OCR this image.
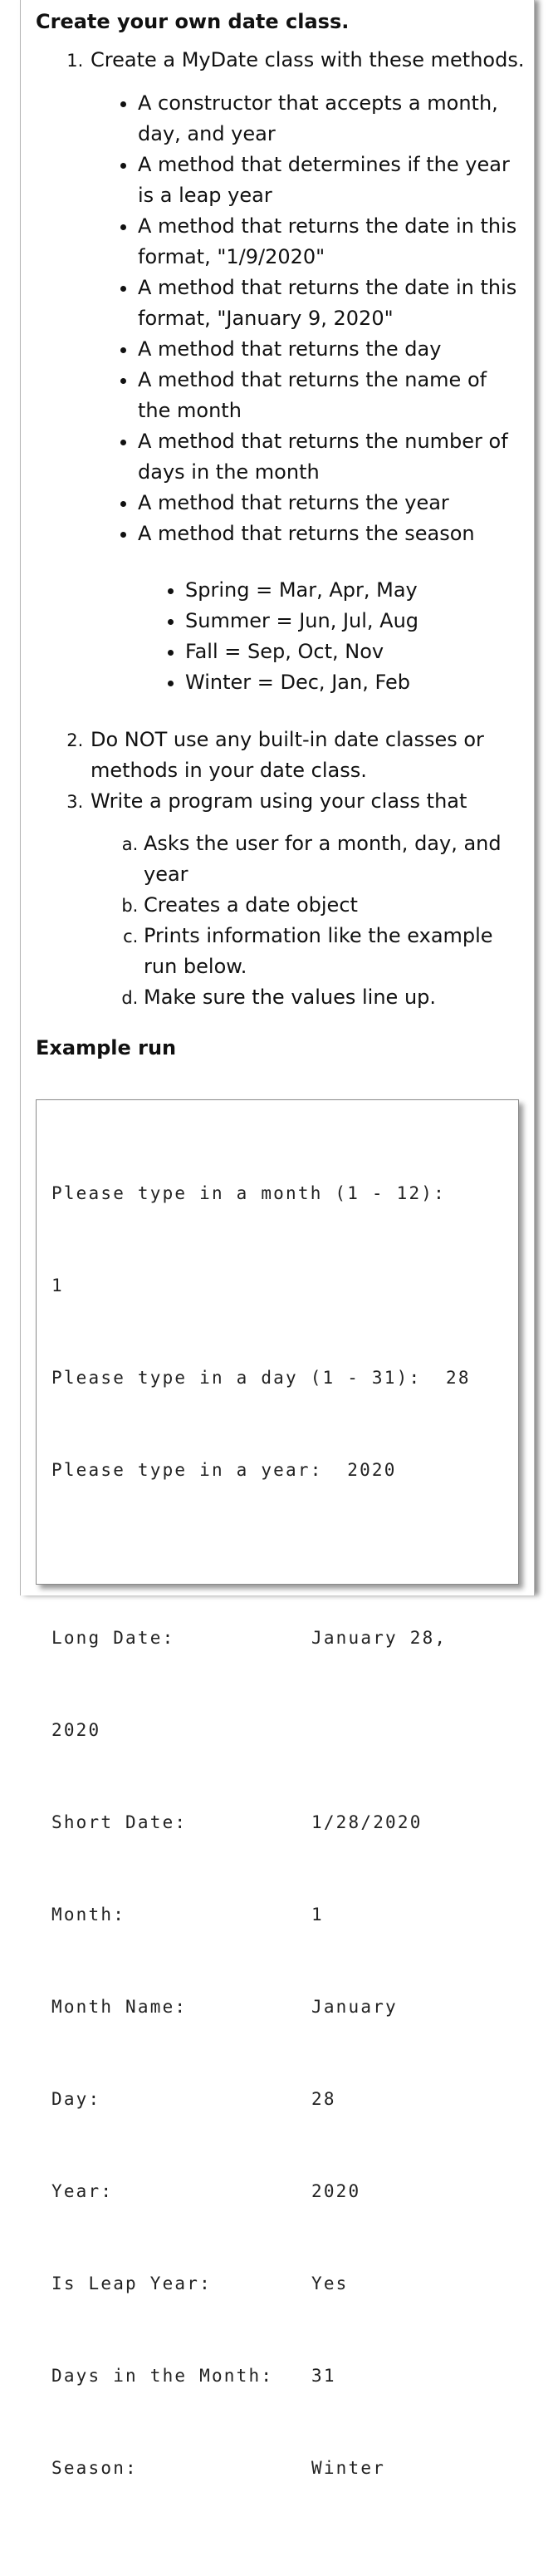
Create your own date class.
1. Create a MyDate class with these methods.
• A constructor that accepts a month, day, and year
• A method that determines if the year is a leap year
• A method that returns the date in this format, "1/9/2020"
• A method that returns the date in this format, "January 9, 2020"
• A method that returns the day
• A method that returns the name of the month
• A method that returns the number of days in the month
• A method that returns the year
• A method that returns the season
• Spring = Mar, Apr, May
• Summer = Jun, Jul, Aug
• Fall = Sep, Oct, Nov
• Winter = Dec, Jan, Feb
2. Do NOT use any built-in date classes or methods in your date class.
3. Write a program using your class that
a. Asks the user for a month, day, and year
b. Creates a date object
c. Prints information like the example run below.
d. Make sure the values line up.
Example run

Please type in a month (1 - 12):

1

Please type in a day (1 - 31):  28

Please type in a year:  2020

Long Date:

	January 28,

2020

Short Date:

	1/28/2020

Month:

	1

Month Name:

	January

Day:

	28

Year:

	2020

Is Leap Year:

	Yes

Days in the Month:

31

Season:

	Winter
